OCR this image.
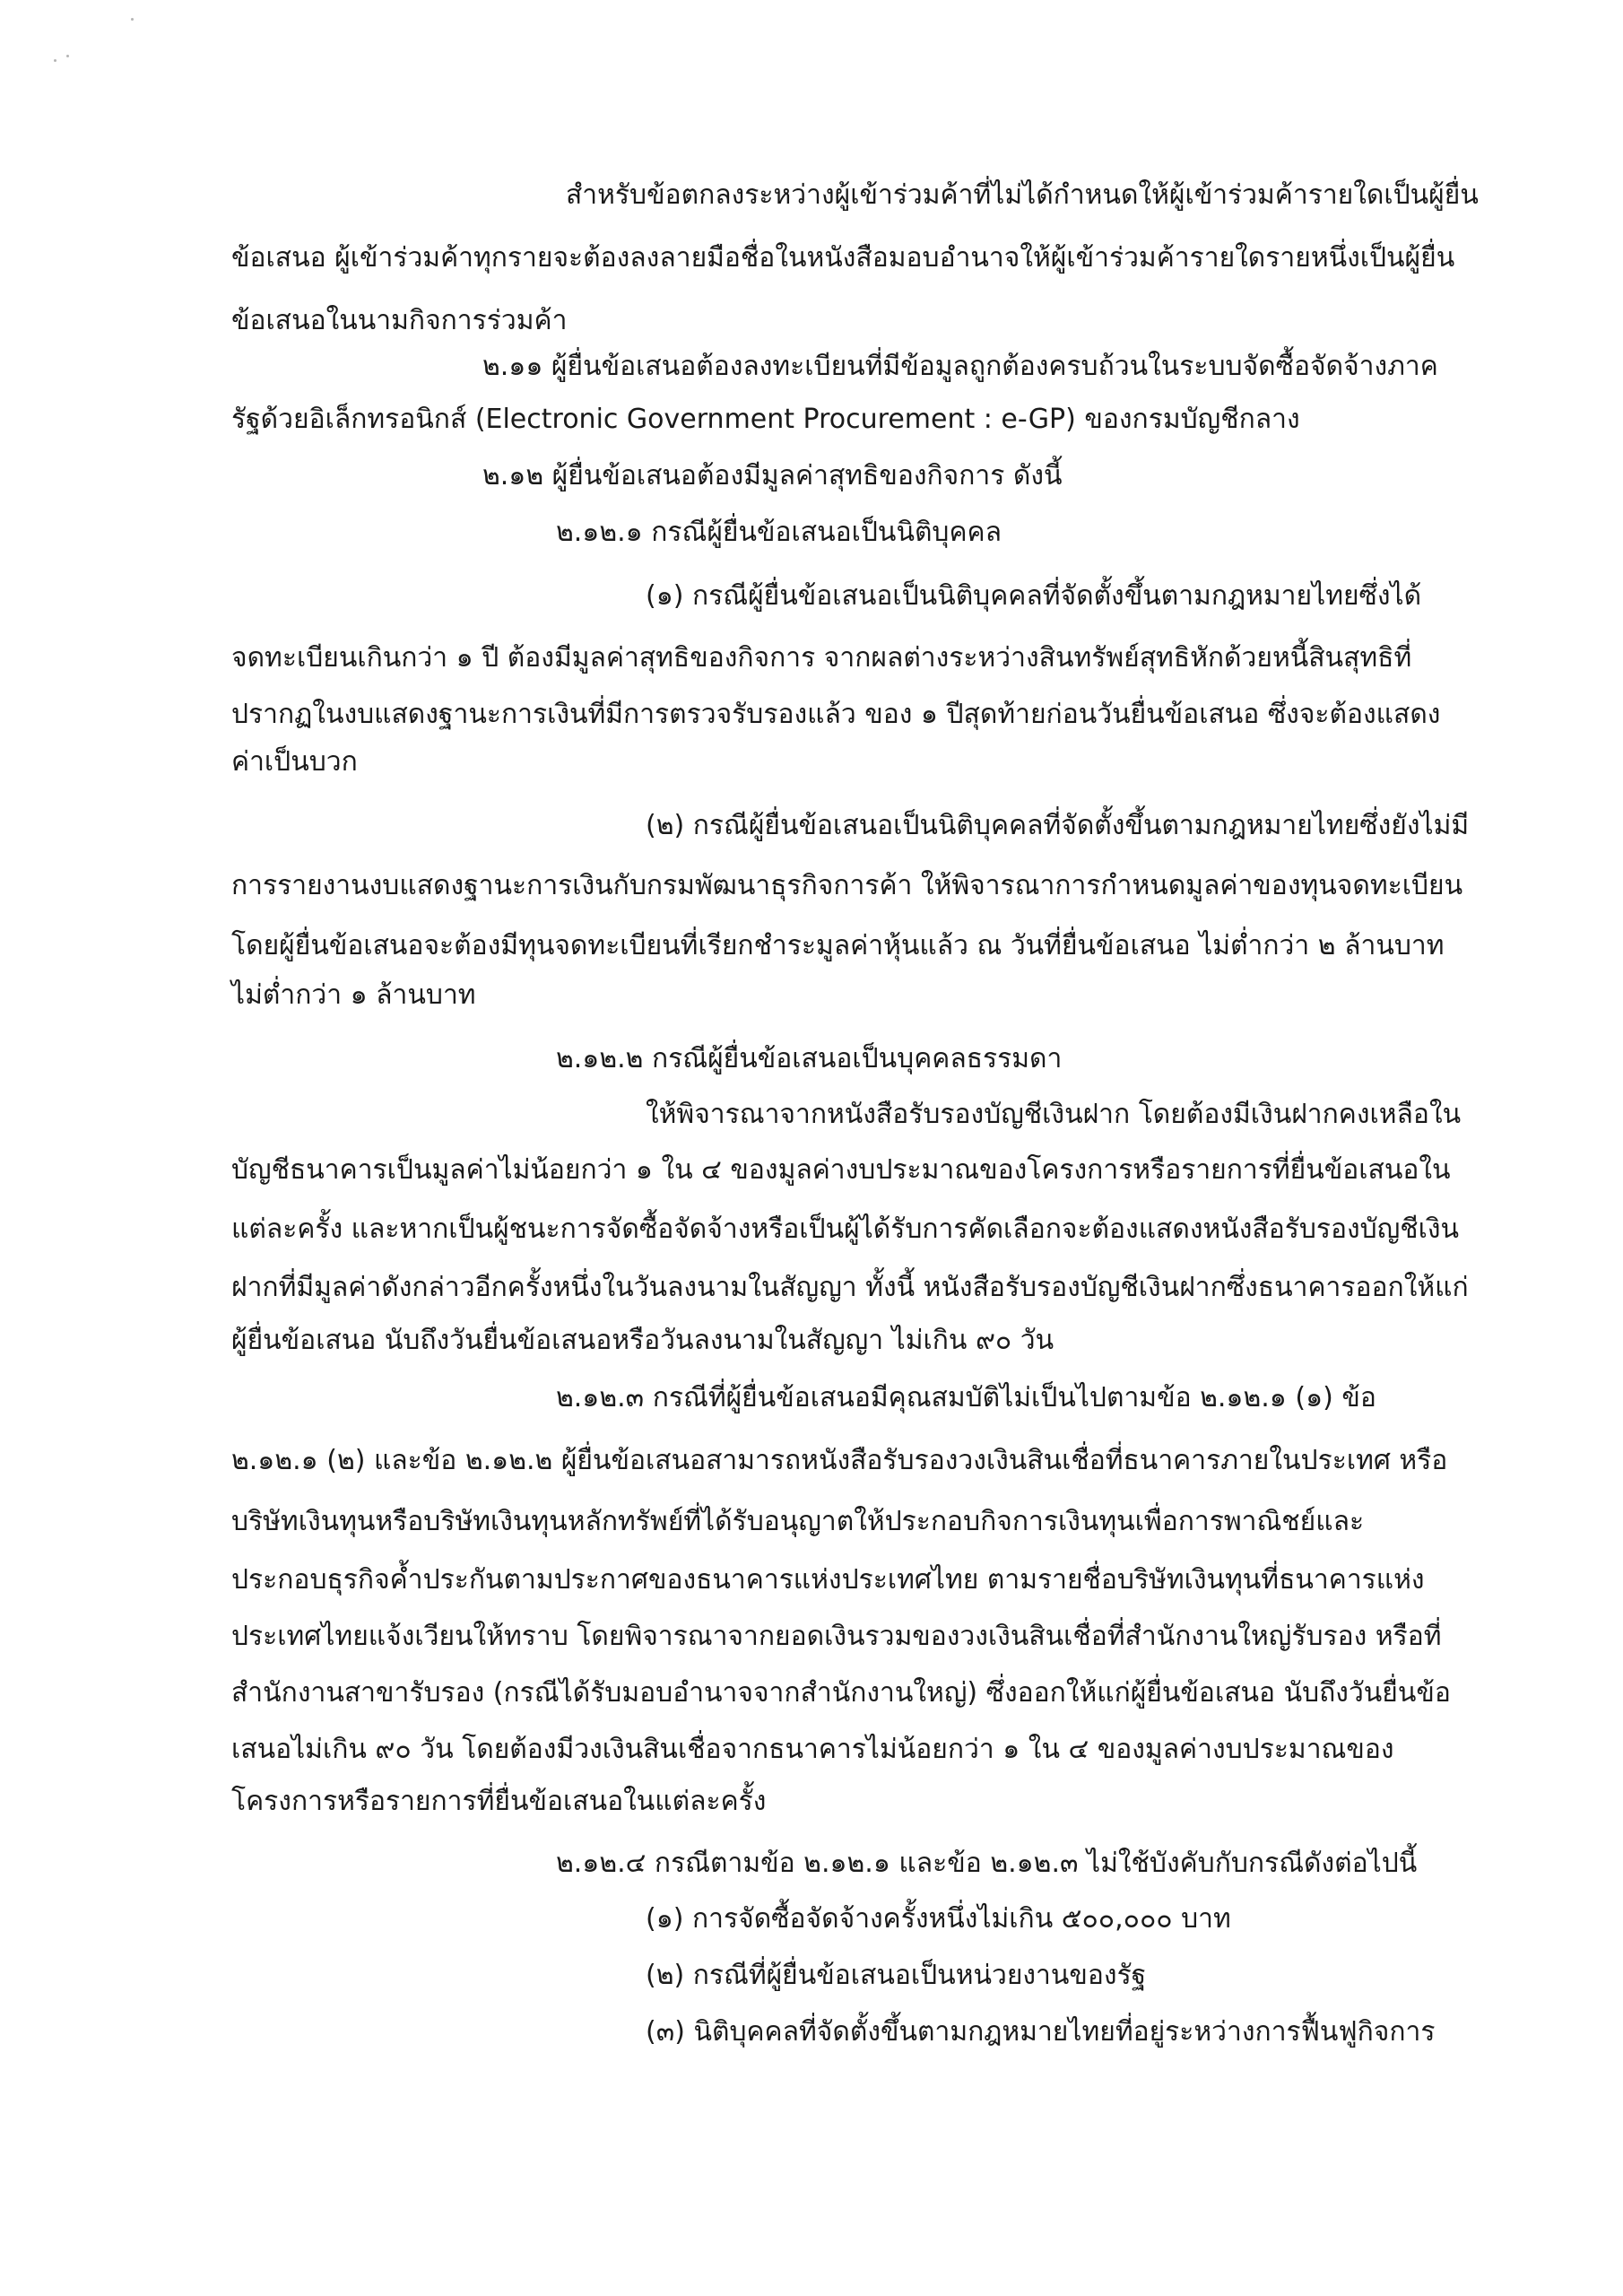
สำหรับข้อตกลงระหว่างผู้เข้าร่วมค้าที่ไม่ได้กำหนดให้ผู้เข้าร่วมค้ารายใดเป็นผู้ยื่น
ข้อเสนอ ผู้เข้าร่วมค้าทุกรายจะต้องลงลายมือชื่อในหนังสือมอบอำนาจให้ผู้เข้าร่วมค้ารายใดรายหนึ่งเป็นผู้ยื่น
ข้อเสนอในนามกิจการร่วมค้า
๒.๑๑ ผู้ยื่นข้อเสนอต้องลงทะเบียนที่มีข้อมูลถูกต้องครบถ้วนในระบบจัดซื้อจัดจ้างภาค
รัฐด้วยอิเล็กทรอนิกส์ (Electronic Government Procurement : e-GP) ของกรมบัญชีกลาง
๒.๑๒ ผู้ยื่นข้อเสนอต้องมีมูลค่าสุทธิของกิจการ ดังนี้
๒.๑๒.๑ กรณีผู้ยื่นข้อเสนอเป็นนิติบุคคล
(๑) กรณีผู้ยื่นข้อเสนอเป็นนิติบุคคลที่จัดตั้งขึ้นตามกฎหมายไทยซึ่งได้
จดทะเบียนเกินกว่า ๑ ปี ต้องมีมูลค่าสุทธิของกิจการ จากผลต่างระหว่างสินทรัพย์สุทธิหักด้วยหนี้สินสุทธิที่
ปรากฏในงบแสดงฐานะการเงินที่มีการตรวจรับรองแล้ว ของ ๑ ปีสุดท้ายก่อนวันยื่นข้อเสนอ ซึ่งจะต้องแสดง
ค่าเป็นบวก
(๒) กรณีผู้ยื่นข้อเสนอเป็นนิติบุคคลที่จัดตั้งขึ้นตามกฎหมายไทยซึ่งยังไม่มี
การรายงานงบแสดงฐานะการเงินกับกรมพัฒนาธุรกิจการค้า ให้พิจารณาการกำหนดมูลค่าของทุนจดทะเบียน
โดยผู้ยื่นข้อเสนอจะต้องมีทุนจดทะเบียนที่เรียกชำระมูลค่าหุ้นแล้ว ณ วันที่ยื่นข้อเสนอ ไม่ต่ำกว่า ๒ ล้านบาท
ไม่ต่ำกว่า ๑ ล้านบาท
๒.๑๒.๒ กรณีผู้ยื่นข้อเสนอเป็นบุคคลธรรมดา
ให้พิจารณาจากหนังสือรับรองบัญชีเงินฝาก โดยต้องมีเงินฝากคงเหลือใน
บัญชีธนาคารเป็นมูลค่าไม่น้อยกว่า ๑ ใน ๔ ของมูลค่างบประมาณของโครงการหรือรายการที่ยื่นข้อเสนอใน
แต่ละครั้ง และหากเป็นผู้ชนะการจัดซื้อจัดจ้างหรือเป็นผู้ได้รับการคัดเลือกจะต้องแสดงหนังสือรับรองบัญชีเงิน
ฝากที่มีมูลค่าดังกล่าวอีกครั้งหนึ่งในวันลงนามในสัญญา ทั้งนี้ หนังสือรับรองบัญชีเงินฝากซึ่งธนาคารออกให้แก่
ผู้ยื่นข้อเสนอ นับถึงวันยื่นข้อเสนอหรือวันลงนามในสัญญา ไม่เกิน ๙๐ วัน
๒.๑๒.๓ กรณีที่ผู้ยื่นข้อเสนอมีคุณสมบัติไม่เป็นไปตามข้อ ๒.๑๒.๑ (๑) ข้อ
๒.๑๒.๑ (๒) และข้อ ๒.๑๒.๒ ผู้ยื่นข้อเสนอสามารถหนังสือรับรองวงเงินสินเชื่อที่ธนาคารภายในประเทศ หรือ
บริษัทเงินทุนหรือบริษัทเงินทุนหลักทรัพย์ที่ได้รับอนุญาตให้ประกอบกิจการเงินทุนเพื่อการพาณิชย์และ
ประกอบธุรกิจค้ำประกันตามประกาศของธนาคารแห่งประเทศไทย ตามรายชื่อบริษัทเงินทุนที่ธนาคารแห่ง
ประเทศไทยแจ้งเวียนให้ทราบ โดยพิจารณาจากยอดเงินรวมของวงเงินสินเชื่อที่สำนักงานใหญ่รับรอง หรือที่
สำนักงานสาขารับรอง (กรณีได้รับมอบอำนาจจากสำนักงานใหญ่) ซึ่งออกให้แก่ผู้ยื่นข้อเสนอ นับถึงวันยื่นข้อ
เสนอไม่เกิน ๙๐ วัน โดยต้องมีวงเงินสินเชื่อจากธนาคารไม่น้อยกว่า ๑ ใน ๔ ของมูลค่างบประมาณของ
โครงการหรือรายการที่ยื่นข้อเสนอในแต่ละครั้ง
๒.๑๒.๔ กรณีตามข้อ ๒.๑๒.๑ และข้อ ๒.๑๒.๓ ไม่ใช้บังคับกับกรณีดังต่อไปนี้
(๑) การจัดซื้อจัดจ้างครั้งหนึ่งไม่เกิน ๕๐๐,๐๐๐ บาท
(๒) กรณีที่ผู้ยื่นข้อเสนอเป็นหน่วยงานของรัฐ
(๓) นิติบุคคลที่จัดตั้งขึ้นตามกฎหมายไทยที่อยู่ระหว่างการฟื้นฟูกิจการ
